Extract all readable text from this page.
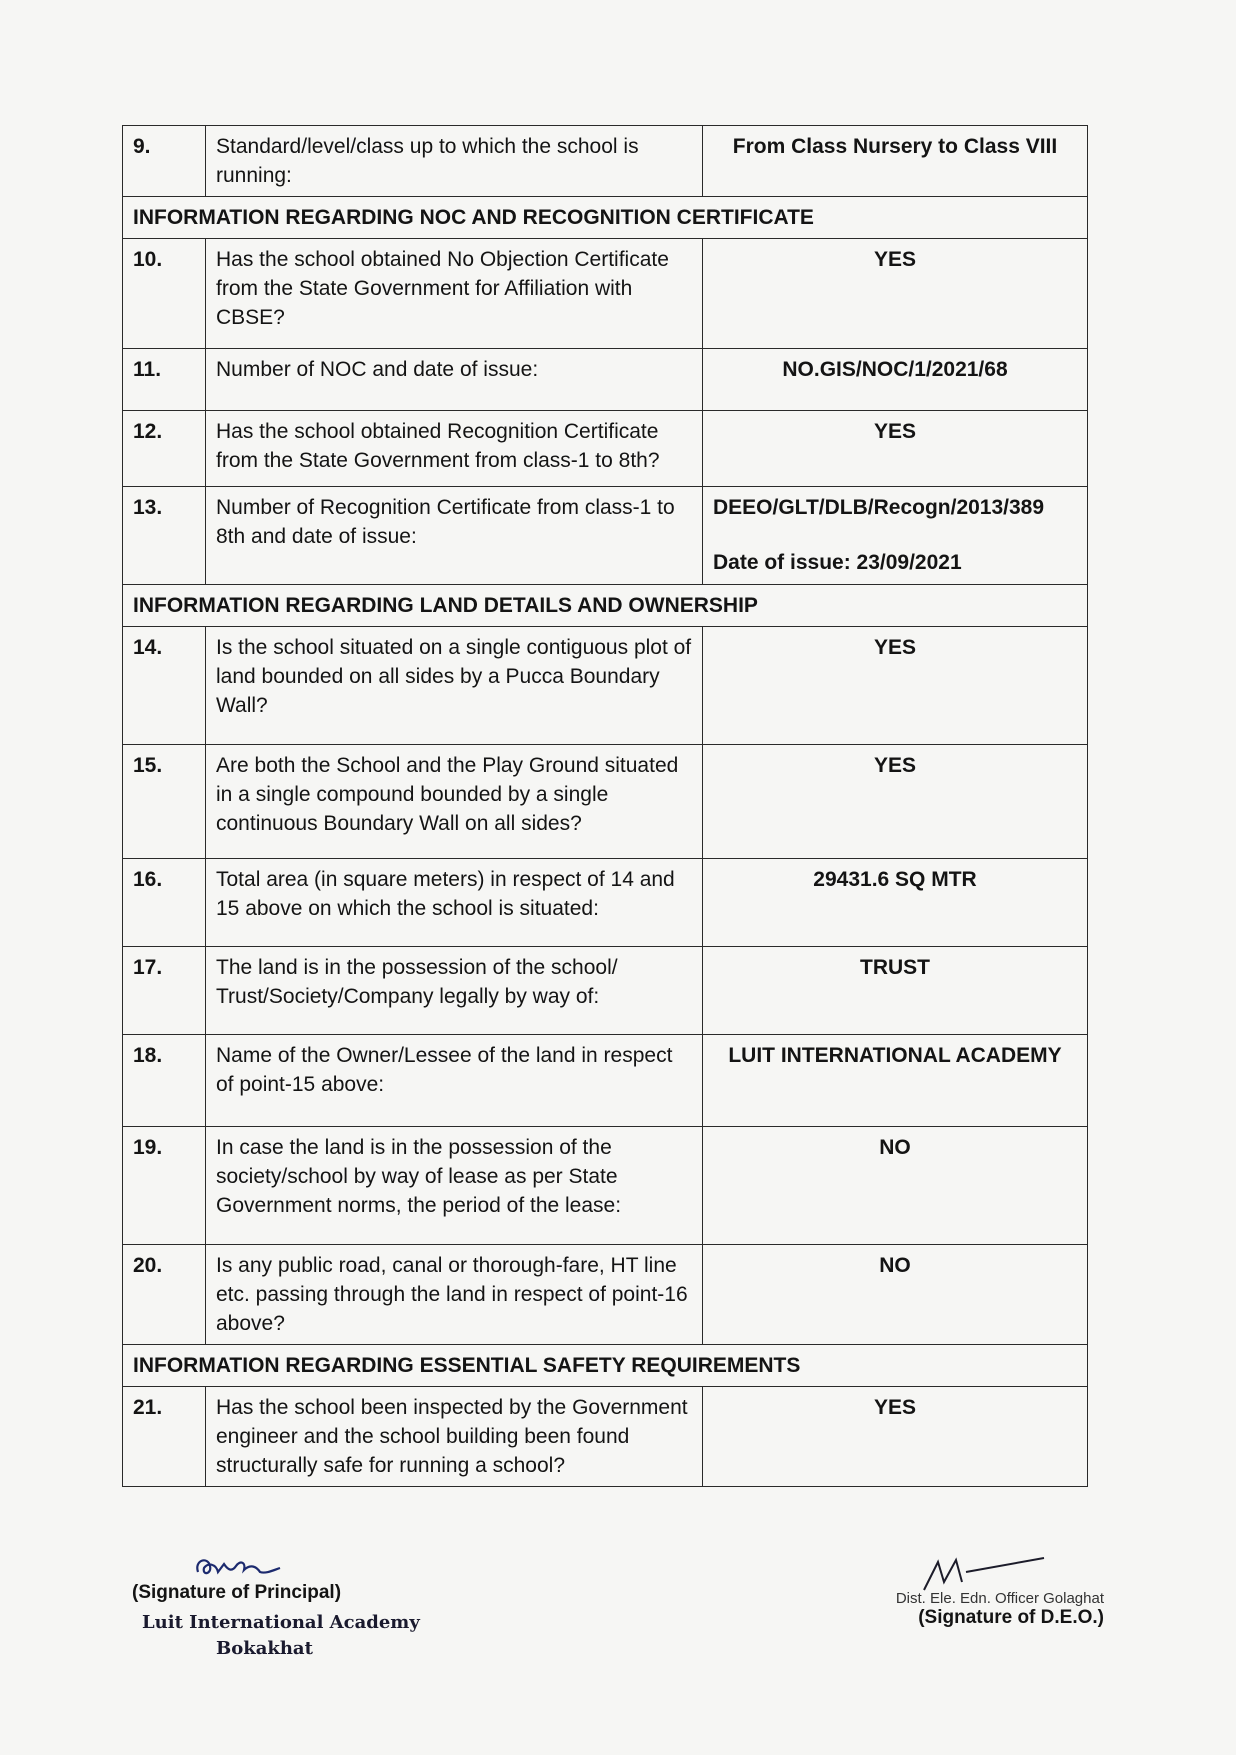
9.	Standard/level/class up to which the school is running:	From Class Nursery to Class VIII
INFORMATION REGARDING NOC AND RECOGNITION CERTIFICATE		
10.	Has the school obtained No Objection Certificate from the State Government for Affiliation with CBSE?	YES
11.	Number of NOC and date of issue:	NO.GIS/NOC/1/2021/68
12.	Has the school obtained Recognition Certificate from the State Government from class-1 to 8th?	YES
13.	Number of Recognition Certificate from class-1 to 8th and date of issue:	DEEO/GLT/DLB/Recogn/2013/389
Date of issue: 23/09/2021
INFORMATION REGARDING LAND DETAILS AND OWNERSHIP		
14.	Is the school situated on a single contiguous plot of land bounded on all sides by a Pucca Boundary Wall?	YES
15.	Are both the School and the Play Ground situated in a single compound bounded by a single continuous Boundary Wall on all sides?	YES
16.	Total area (in square meters) in respect of 14 and 15 above on which the school is situated:	29431.6 SQ MTR
17.	The land is in the possession of the school/ Trust/Society/Company legally by way of:	TRUST
18.	Name of the Owner/Lessee of the land in respect of point-15 above:	LUIT INTERNATIONAL ACADEMY
19.	In case the land is in the possession of the society/school by way of lease as per State Government norms, the period of the lease:	NO
20.	Is any public road, canal or thorough-fare, HT line etc. passing through the land in respect of point-16 above?	NO
INFORMATION REGARDING ESSENTIAL SAFETY REQUIREMENTS		
21.	Has the school been inspected by the Government engineer and the school building been found structurally safe for running a school?	YES
(Signature of Principal)
Luit International Academy
Bokakhat
Dist. Ele. Edn. Officer Golaghat
(Signature of D.E.O.)
